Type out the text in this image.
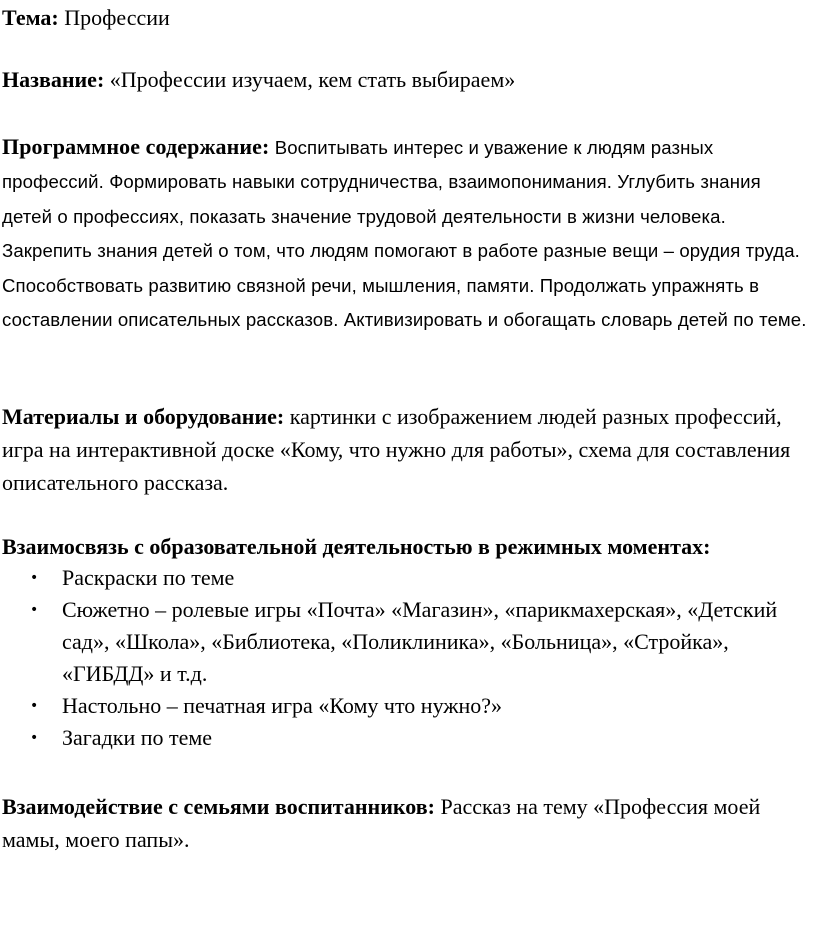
Тема: Профессии

Название: «Профессии изучаем, кем стать выбираем»

Программное содержание: Воспитывать интерес и уважение к людям разных профессий. Формировать навыки сотрудничества, взаимопонимания. Углубить знания детей о профессиях, показать значение трудовой деятельности в жизни человека. Закрепить знания детей о том, что людям помогают в работе разные вещи – орудия труда. Способствовать развитию связной речи, мышления, памяти. Продолжать упражнять в составлении описательных рассказов. Активизировать и обогащать словарь детей по теме.

Материалы и оборудование: картинки с изображением людей разных профессий, игра на интерактивной доске «Кому, что нужно для работы», схема для составления описательного рассказа.

Взаимосвязь с образовательной деятельностью в режимных моментах:

• Раскраски по теме
• Сюжетно – ролевые игры «Почта» «Магазин», «парикмахерская», «Детский сад», «Школа», «Библиотека, «Поликлиника», «Больница», «Стройка», «ГИБДД» и т.д.
• Настольно – печатная игра «Кому что нужно?»
• Загадки по теме

Взаимодействие с семьями воспитанников: Рассказ на тему «Профессия моей мамы, моего папы».
